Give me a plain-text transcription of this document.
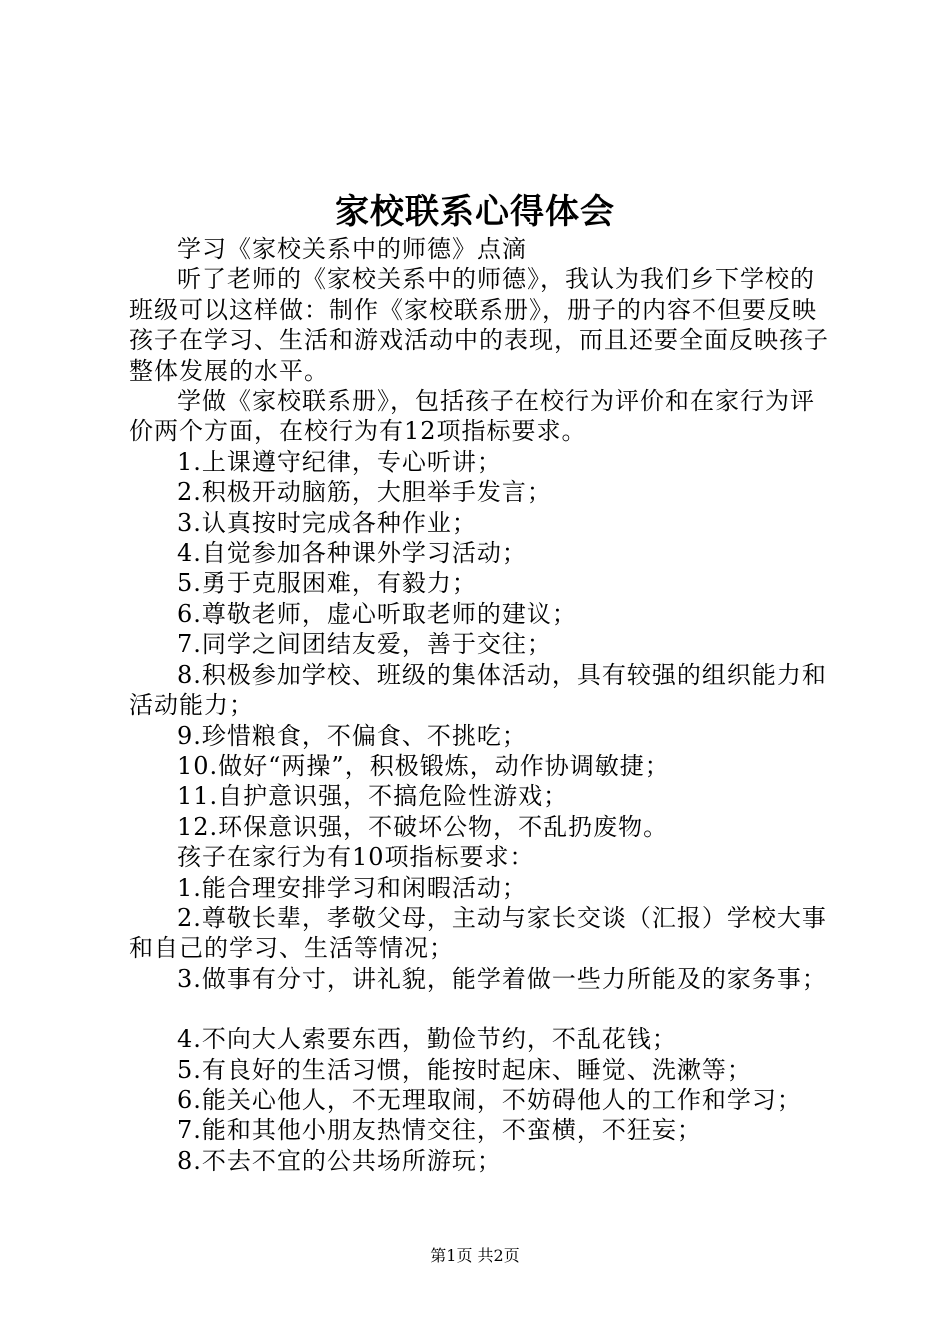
家校联系心得体会

学习《家校关系中的师德》点滴

听了老师的《家校关系中的师德》，我认为我们乡下学校的班级可以这样做：制作《家校联系册》，册子的内容不但要反映孩子在学习、生活和游戏活动中的表现，而且还要全面反映孩子整体发展的水平。

学做《家校联系册》，包括孩子在校行为评价和在家行为评价两个方面，在校行为有12项指标要求。

1.上课遵守纪律，专心听讲；

2.积极开动脑筋，大胆举手发言；

3.认真按时完成各种作业；

4.自觉参加各种课外学习活动；

5.勇于克服困难，有毅力；

6.尊敬老师，虚心听取老师的建议；

7.同学之间团结友爱，善于交往；

8.积极参加学校、班级的集体活动，具有较强的组织能力和活动能力；

9.珍惜粮食，不偏食、不挑吃；

10.做好“两操”，积极锻炼，动作协调敏捷；

11.自护意识强，不搞危险性游戏；

12.环保意识强，不破坏公物，不乱扔废物。

孩子在家行为有10项指标要求：

1.能合理安排学习和闲暇活动；

2.尊敬长辈，孝敬父母，主动与家长交谈（汇报）学校大事和自己的学习、生活等情况；

3.做事有分寸，讲礼貌，能学着做一些力所能及的家务事；

4.不向大人索要东西，勤俭节约，不乱花钱；

5.有良好的生活习惯，能按时起床、睡觉、洗漱等；

6.能关心他人，不无理取闹，不妨碍他人的工作和学习；

7.能和其他小朋友热情交往，不蛮横，不狂妄；

8.不去不宜的公共场所游玩；

第1页 共2页
